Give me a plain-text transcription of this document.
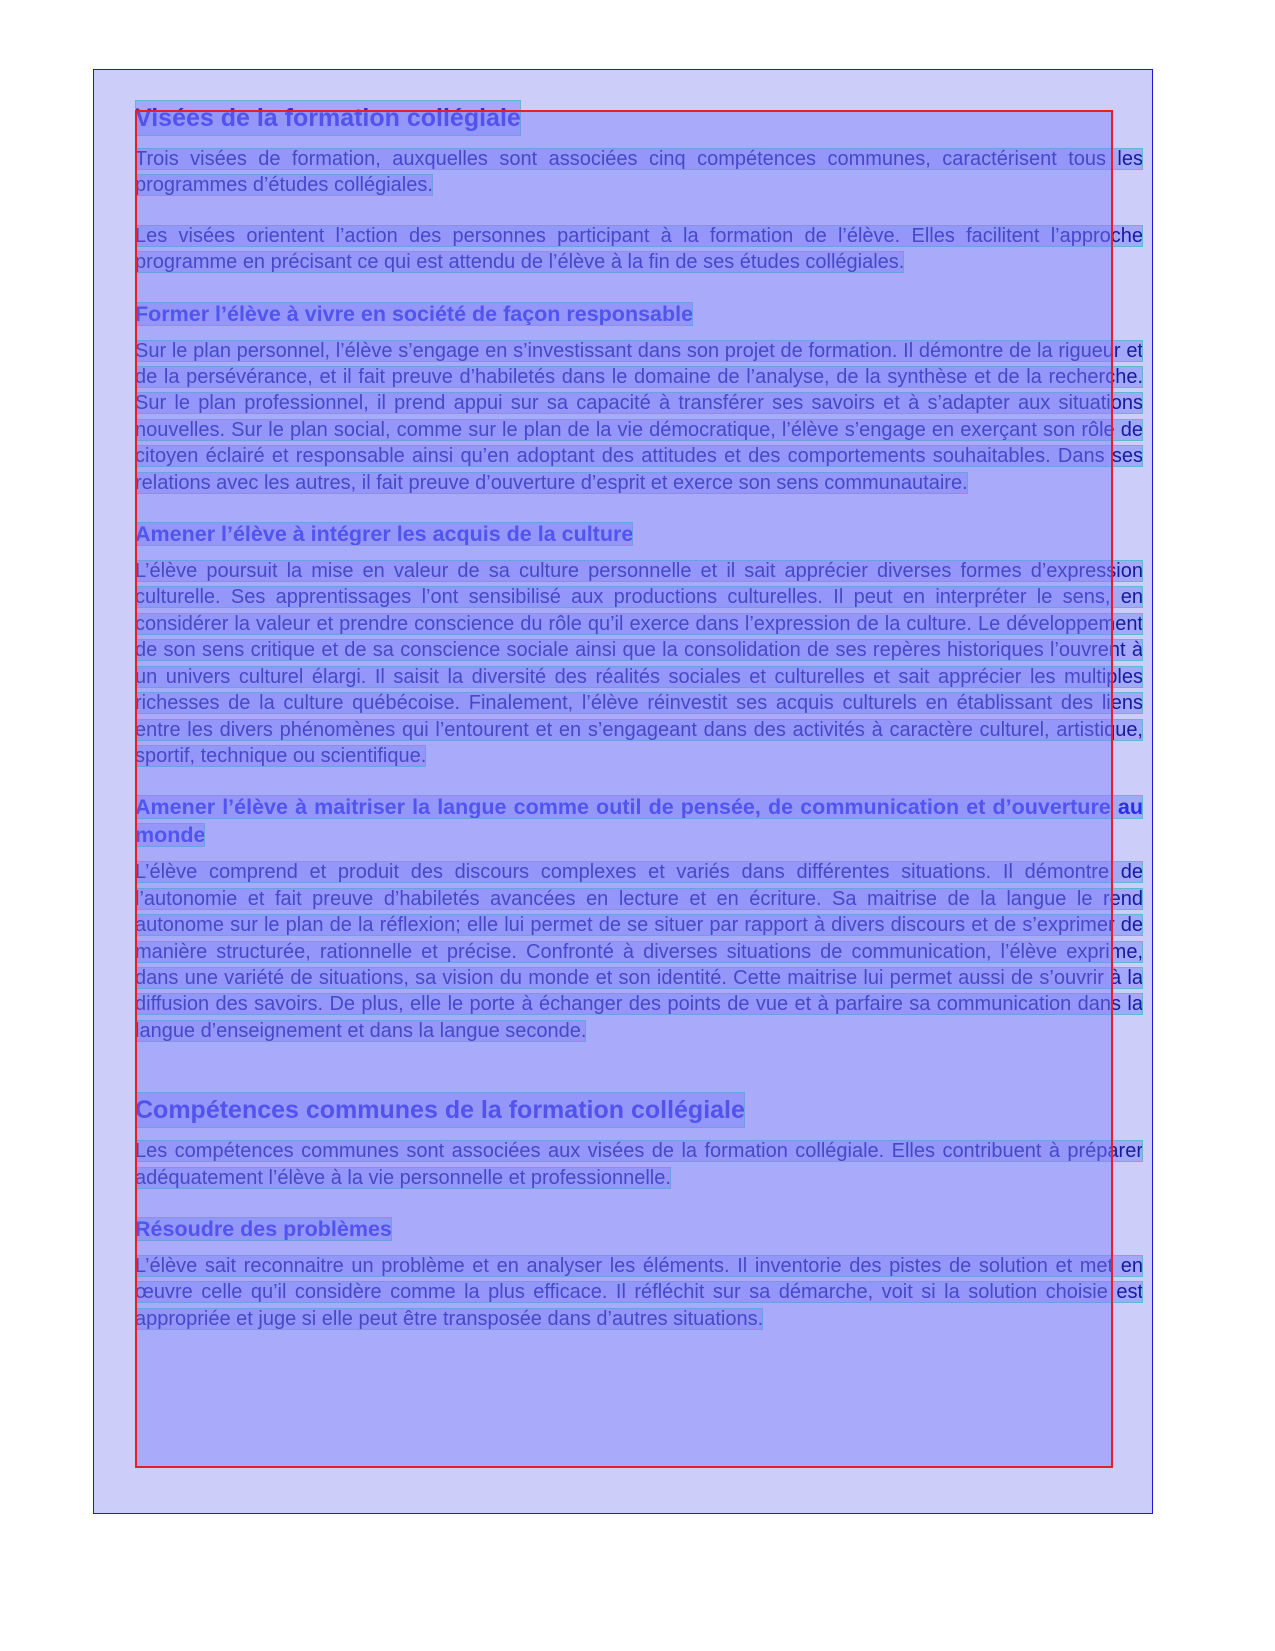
Visées de la formation collégiale

Trois visées de formation, auxquelles sont associées cinq compétences communes, caractérisent tous les programmes d’études collégiales.

Les visées orientent l’action des personnes participant à la formation de l’élève. Elles facilitent l’approche programme en précisant ce qui est attendu de l’élève à la fin de ses études collégiales.

Former l’élève à vivre en société de façon responsable

Sur le plan personnel, l’élève s’engage en s’investissant dans son projet de formation. Il démontre de la rigueur et de la persévérance, et il fait preuve d’habiletés dans le domaine de l’analyse, de la synthèse et de la recherche. Sur le plan professionnel, il prend appui sur sa capacité à transférer ses savoirs et à s’adapter aux situations nouvelles. Sur le plan social, comme sur le plan de la vie démocratique, l’élève s’engage en exerçant son rôle de citoyen éclairé et responsable ainsi qu’en adoptant des attitudes et des comportements souhaitables. Dans ses relations avec les autres, il fait preuve d’ouverture d’esprit et exerce son sens communautaire.

Amener l’élève à intégrer les acquis de la culture

L’élève poursuit la mise en valeur de sa culture personnelle et il sait apprécier diverses formes d’expression culturelle. Ses apprentissages l’ont sensibilisé aux productions culturelles. Il peut en interpréter le sens, en considérer la valeur et prendre conscience du rôle qu’il exerce dans l’expression de la culture. Le développement de son sens critique et de sa conscience sociale ainsi que la consolidation de ses repères historiques l’ouvrent à un univers culturel élargi. Il saisit la diversité des réalités sociales et culturelles et sait apprécier les multiples richesses de la culture québécoise. Finalement, l’élève réinvestit ses acquis culturels en établissant des liens entre les divers phénomènes qui l’entourent et en s’engageant dans des activités à caractère culturel, artistique, sportif, technique ou scientifique.

Amener l’élève à maitriser la langue comme outil de pensée, de communication et d’ouverture au monde

L’élève comprend et produit des discours complexes et variés dans différentes situations. Il démontre de l’autonomie et fait preuve d’habiletés avancées en lecture et en écriture. Sa maitrise de la langue le rend autonome sur le plan de la réflexion; elle lui permet de se situer par rapport à divers discours et de s’exprimer de manière structurée, rationnelle et précise. Confronté à diverses situations de communication, l’élève exprime, dans une variété de situations, sa vision du monde et son identité. Cette maitrise lui permet aussi de s’ouvrir à la diffusion des savoirs. De plus, elle le porte à échanger des points de vue et à parfaire sa communication dans la langue d’enseignement et dans la langue seconde.

Compétences communes de la formation collégiale

Les compétences communes sont associées aux visées de la formation collégiale. Elles contribuent à préparer adéquatement l’élève à la vie personnelle et professionnelle.

Résoudre des problèmes

L’élève sait reconnaitre un problème et en analyser les éléments. Il inventorie des pistes de solution et met en œuvre celle qu’il considère comme la plus efficace. Il réfléchit sur sa démarche, voit si la solution choisie est appropriée et juge si elle peut être transposée dans d’autres situations.
